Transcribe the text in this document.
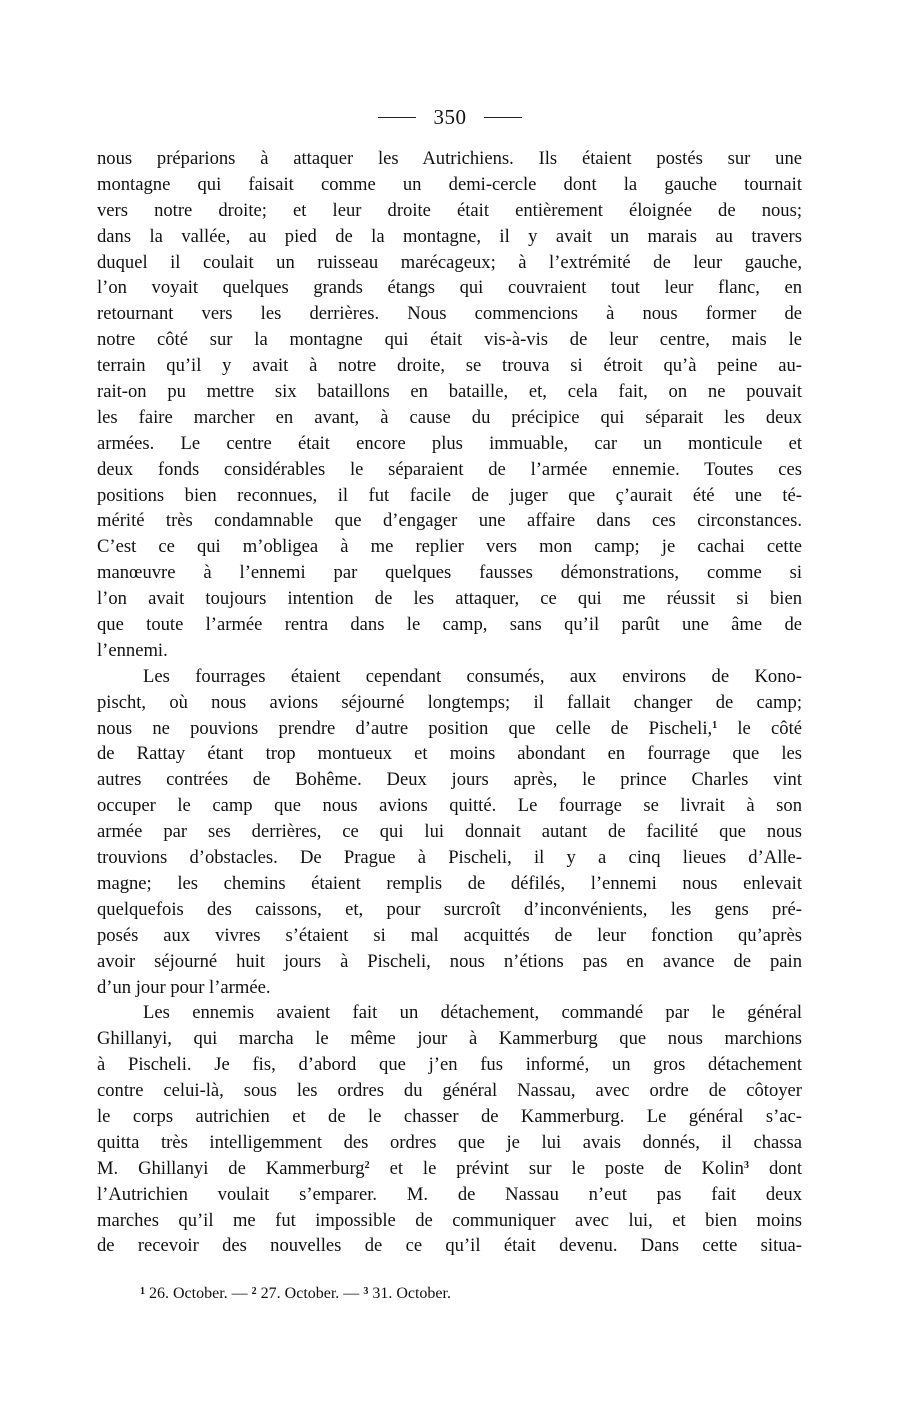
350
nous préparions à attaquer les Autrichiens. Ils étaient postés sur une
montagne qui faisait comme un demi-cercle dont la gauche tournait
vers notre droite; et leur droite était entièrement éloignée de nous;
dans la vallée, au pied de la montagne, il y avait un marais au travers
duquel il coulait un ruisseau marécageux; à l’extrémité de leur gauche,
l’on voyait quelques grands étangs qui couvraient tout leur flanc, en
retournant vers les derrières. Nous commencions à nous former de
notre côté sur la montagne qui était vis-à-vis de leur centre, mais le
terrain qu’il y avait à notre droite, se trouva si étroit qu’à peine au-
rait-on pu mettre six bataillons en bataille, et, cela fait, on ne pouvait
les faire marcher en avant, à cause du précipice qui séparait les deux
armées. Le centre était encore plus immuable, car un monticule et
deux fonds considérables le séparaient de l’armée ennemie. Toutes ces
positions bien reconnues, il fut facile de juger que ç’aurait été une té-
mérité très condamnable que d’engager une affaire dans ces circonstances.
C’est ce qui m’obligea à me replier vers mon camp; je cachai cette
manœuvre à l’ennemi par quelques fausses démonstrations, comme si
l’on avait toujours intention de les attaquer, ce qui me réussit si bien
que toute l’armée rentra dans le camp, sans qu’il parût une âme de
l’ennemi.
Les fourrages étaient cependant consumés, aux environs de Kono-
pischt, où nous avions séjourné longtemps; il fallait changer de camp;
nous ne pouvions prendre d’autre position que celle de Pischeli,$^1$ le côté
de Rattay étant trop montueux et moins abondant en fourrage que les
autres contrées de Bohême. Deux jours après, le prince Charles vint
occuper le camp que nous avions quitté. Le fourrage se livrait à son
armée par ses derrières, ce qui lui donnait autant de facilité que nous
trouvions d’obstacles. De Prague à Pischeli, il y a cinq lieues d’Alle-
magne; les chemins étaient remplis de défilés, l’ennemi nous enlevait
quelquefois des caissons, et, pour surcroît d’inconvénients, les gens pré-
posés aux vivres s’étaient si mal acquittés de leur fonction qu’après
avoir séjourné huit jours à Pischeli, nous n’étions pas en avance de pain
d’un jour pour l’armée.
Les ennemis avaient fait un détachement, commandé par le général
Ghillanyi, qui marcha le même jour à Kammerburg que nous marchions
à Pischeli. Je fis, d’abord que j’en fus informé, un gros détachement
contre celui-là, sous les ordres du général Nassau, avec ordre de côtoyer
le corps autrichien et de le chasser de Kammerburg. Le général s’ac-
quitta très intelligemment des ordres que je lui avais donnés, il chassa
M. Ghillanyi de Kammerburg$^2$ et le prévint sur le poste de Kolin$^3$ dont
l’Autrichien voulait s’emparer. M. de Nassau n’eut pas fait deux
marches qu’il me fut impossible de communiquer avec lui, et bien moins
de recevoir des nouvelles de ce qu’il était devenu. Dans cette situa-
$^1$ 26. October. — $^2$ 27. October. — $^3$ 31. October.
